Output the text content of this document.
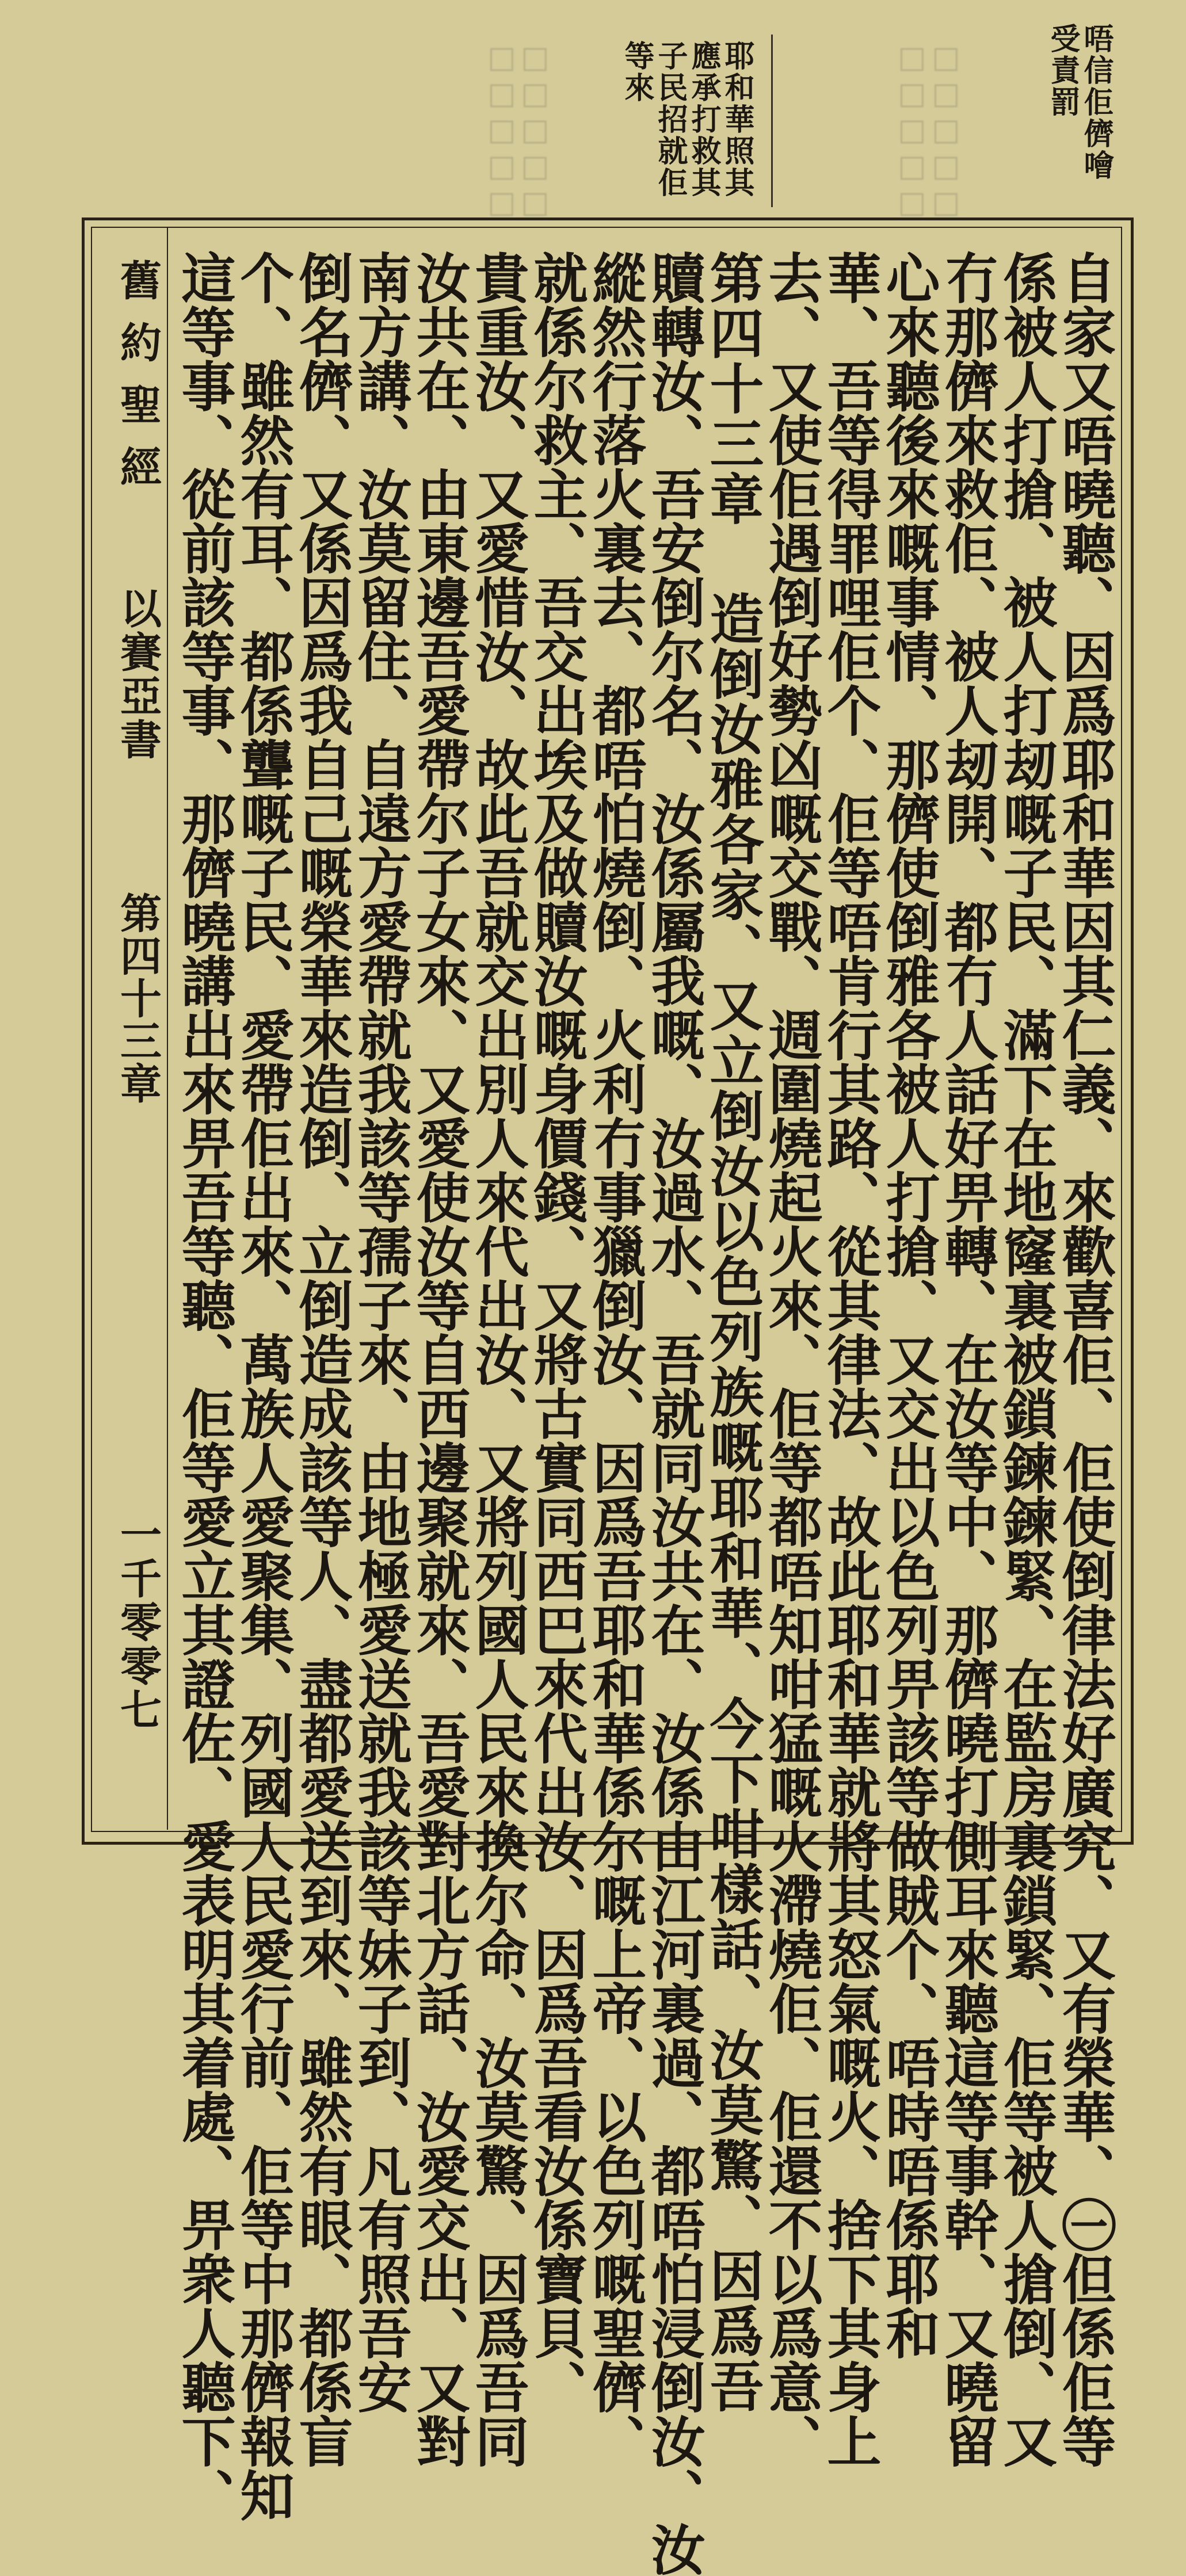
唔信佢儕噲
受責罰
□□□□□
□□□□□
耶和華照其
應承打救其
子民招就佢
等來
□□□□□
□□□□□
自家又唔曉聽、因爲耶和華因其仁義、來歡喜佢、佢使倒律法好廣究、又有榮華、㊀但係佢等
係被人打搶、被人打刼嘅子民、滿下在地窿裏被鎖鍊鍊緊、在監房裏鎖緊、佢等被人搶倒、又
冇那儕來救佢、被人刼開、都冇人話好畀轉、在汝等中、那儕曉打側耳來聽這等事幹、又曉留
心來聽後來嘅事情、那儕使倒雅各被人打搶、又交出以色列畀該等做賊个、唔時唔係耶和
華、吾等得罪哩佢个、佢等唔肯行其路、從其律法、故此耶和華就將其怒氣嘅火、捨下其身上
去、又使佢遇倒好勢凶嘅交戰、週圍燒起火來、佢等都唔知咁猛嘅火滯燒佢、佢還不以爲意、
第四十三章 造倒汝雅各家、又立倒汝以色列族嘅耶和華、今下咁樣話、汝莫驚、因爲吾
贖轉汝、吾安倒尔名、汝係屬我嘅、汝過水、吾就同汝共在、汝係由江河裏過、都唔怕浸倒汝、汝
縱然行落火裏去、都唔怕燒倒、火利冇事獵倒汝、因爲吾耶和華係尔嘅上帝、以色列嘅聖儕、
就係尔救主、吾交出埃及做贖汝嘅身價錢、又將古實同西巴來代出汝、因爲吾看汝係寶貝、
貴重汝、又愛惜汝、故此吾就交出別人來代出汝、又將列國人民來換尔命、汝莫驚、因爲吾同
汝共在、由東邊吾愛帶尔子女來、又愛使汝等自西邊聚就來、吾愛對北方話、汝愛交出、又對
南方講、汝莫留住、自遠方愛帶就我該等孺子來、由地極愛送就我該等妹子到、凡有照吾安
倒名儕、又係因爲我自己嘅榮華來造倒、立倒造成該等人、盡都愛送到來、雖然有眼、都係盲
个、雖然有耳、都係聾嘅子民、愛帶佢出來、萬族人愛聚集、列國人民愛行前、佢等中那儕報知
這等事、從前該等事、那儕曉講出來畀吾等聽、佢等愛立其證佐、愛表明其着處、畀衆人聽下、
舊約聖經
以賽亞書
第四十三章
一千零零七
